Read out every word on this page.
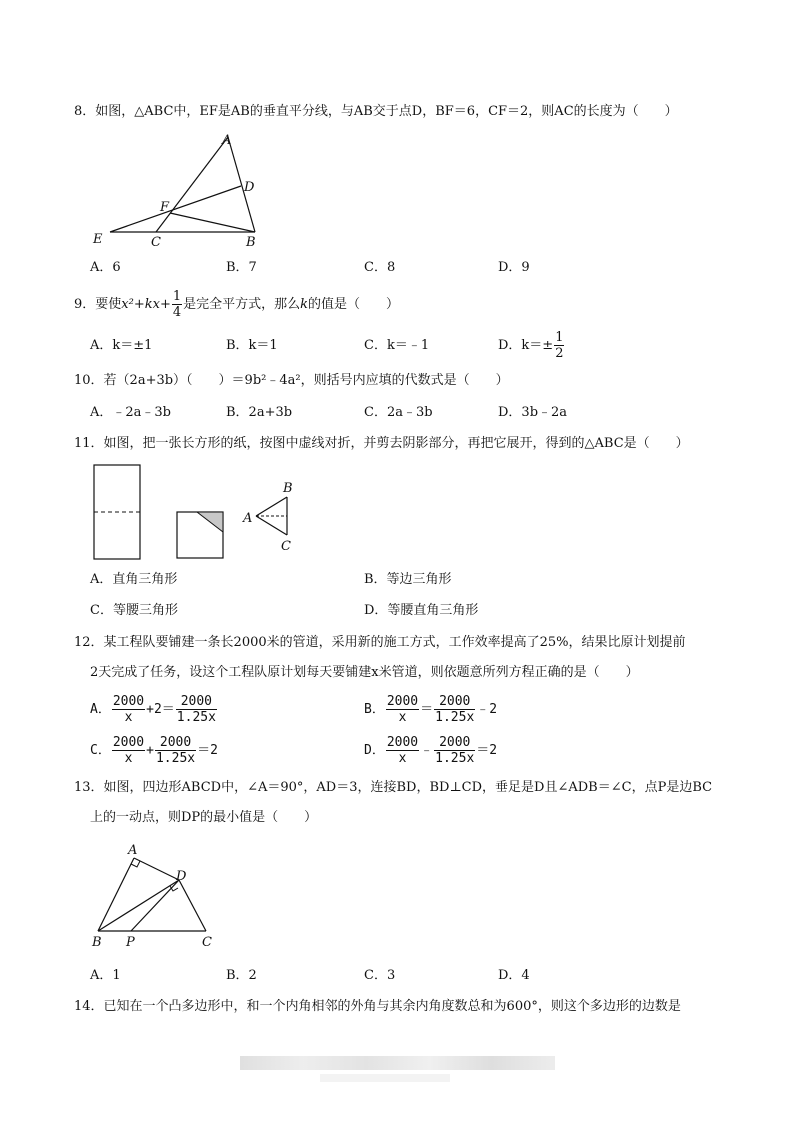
8．如图，△ABC中，EF是AB的垂直平分线，与AB交于点D，BF＝6，CF＝2，则AC的长度为（　　）
A
D
F
E	C	B
A．6	B．7	C．8	D．9
9．要使$x^2+kx+ \frac{1}{4}$ 是完全平方式，那么k的值是（　　）
A．k＝±1	B．k＝1	C．k＝﹣1	D．$k=\pm \frac{1}{2}$
10．若（2a+3b）（　　）＝9b²﹣4a²，则括号内应填的代数式是（　　）
A．﹣2a﹣3b	B．2a+3b	C．2a﹣3b	D．3b﹣2a
11．如图，把一张长方形的纸，按图中虚线对折，并剪去阴影部分，再把它展开，得到的△ABC是（　　）
B
A
C
A．直角三角形	B．等边三角形
C．等腰三角形	D．等腰直角三角形
12．某工程队要铺建一条长2000米的管道，采用新的施工方式，工作效率提高了25%，结果比原计划提前
2天完成了任务，设这个工程队原计划每天要铺建x米管道，则依题意所列方程正确的是（　　）
A． $\frac{2000}{x} +2= \frac{2000}{1.25x}$	B． $\frac{2000}{x} = \frac{2000}{1.25x}$ ﹣2
C． $\frac{2000}{x} + \frac{2000}{1.25x} =2$	D． $\frac{2000}{x}$ ﹣ $\frac{2000}{1.25x} =2$
13．如图，四边形ABCD中，∠A＝90°，AD＝3，连接BD，BD⊥CD，垂足是D且∠ADB＝∠C，点P是边BC
上的一动点，则DP的最小值是（　　）
A
D
B P	C
A．1	B．2	C．3	D．4
14．已知在一个凸多边形中，和一个内角相邻的外角与其余内角度数总和为600°，则这个多边形的边数是
